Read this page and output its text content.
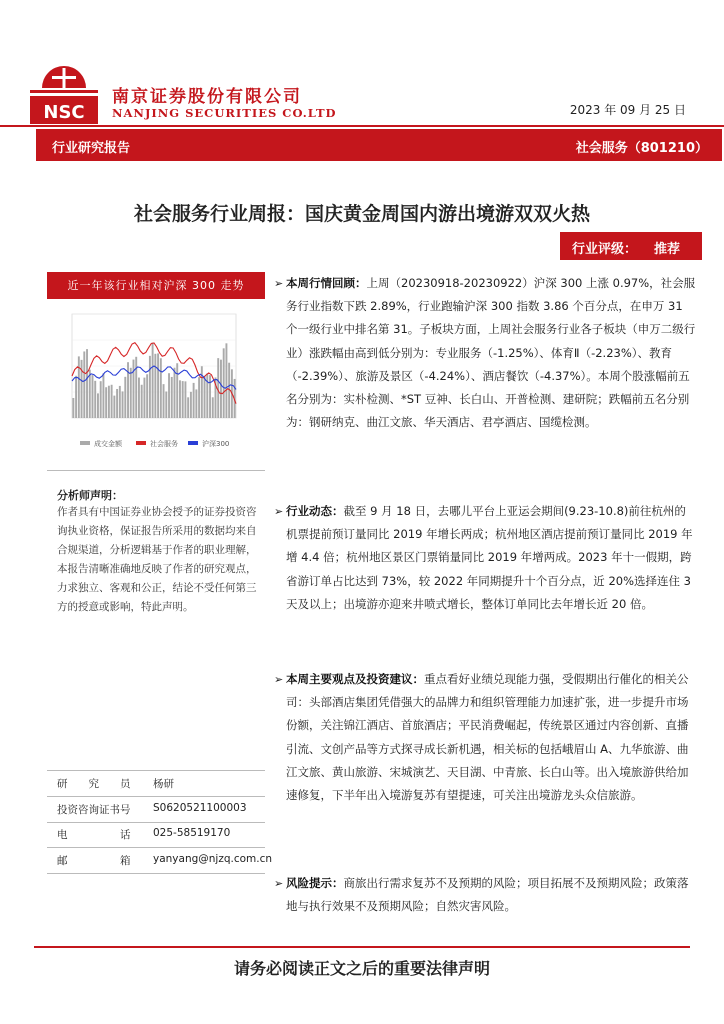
NSC
南京证券股份有限公司
NANJING SECURITIES CO.LTD	2023 年 09 月 25 日
行业研究报告	社会服务（801210）
社会服务行业周报：国庆黄金周国内游出境游双双火热
行业评级： 推荐
近一年该行业相对沪深 300 走势
成交金额	社会服务	沪深300
分析师声明：
作者具有中国证券业协会授予的证券投资咨询执业资格，保证报告所采用的数据均来自合规渠道，分析逻辑基于作者的职业理解，本报告清晰准确地反映了作者的研究观点，力求独立、客观和公正，结论不受任何第三方的授意或影响，特此声明。
研　　究　　员 杨研
投资咨询证书号 S0620521100003
电　　　　　话 025-58519170
邮　　　　　箱 yanyang@njzq.com.cn
➢ 本周行情回顾：上周（20230918-20230922）沪深 300 上涨 0.97%，社会服务行业指数下跌 2.89%，行业跑输沪深 300 指数 3.86 个百分点，在申万 31 个一级行业中排名第 31。子板块方面，上周社会服务行业各子板块（申万二级行业）涨跌幅由高到低分别为：专业服务（-1.25%）、体育Ⅱ（-2.23%）、教育（-2.39%）、旅游及景区（-4.24%）、酒店餐饮（-4.37%）。本周个股涨幅前五名分别为：实朴检测、*ST 豆神、长白山、开普检测、建研院；跌幅前五名分别为：钢研纳克、曲江文旅、华天酒店、君亭酒店、国缆检测。
➢ 行业动态：截至 9 月 18 日，去哪儿平台上亚运会期间(9.23-10.8)前往杭州的机票提前预订量同比 2019 年增长两成；杭州地区酒店提前预订量同比 2019 年增 4.4 倍；杭州地区景区门票销量同比 2019 年增两成。2023 年十一假期，跨省游订单占比达到 73%，较 2022 年同期提升十个百分点，近 20%选择连住 3 天及以上；出境游亦迎来井喷式增长，整体订单同比去年增长近 20 倍。
➢ 本周主要观点及投资建议：重点看好业绩兑现能力强，受假期出行催化的相关公司：头部酒店集团凭借强大的品牌力和组织管理能力加速扩张，进一步提升市场份额，关注锦江酒店、首旅酒店；平民消费崛起，传统景区通过内容创新、直播引流、文创产品等方式探寻成长新机遇，相关标的包括峨眉山 A、九华旅游、曲江文旅、黄山旅游、宋城演艺、天目湖、中青旅、长白山等。出入境旅游供给加速修复，下半年出入境游复苏有望提速，可关注出境游龙头众信旅游。
➢ 风险提示：商旅出行需求复苏不及预期的风险；项目拓展不及预期风险；政策落地与执行效果不及预期风险；自然灾害风险。
请务必阅读正文之后的重要法律声明
